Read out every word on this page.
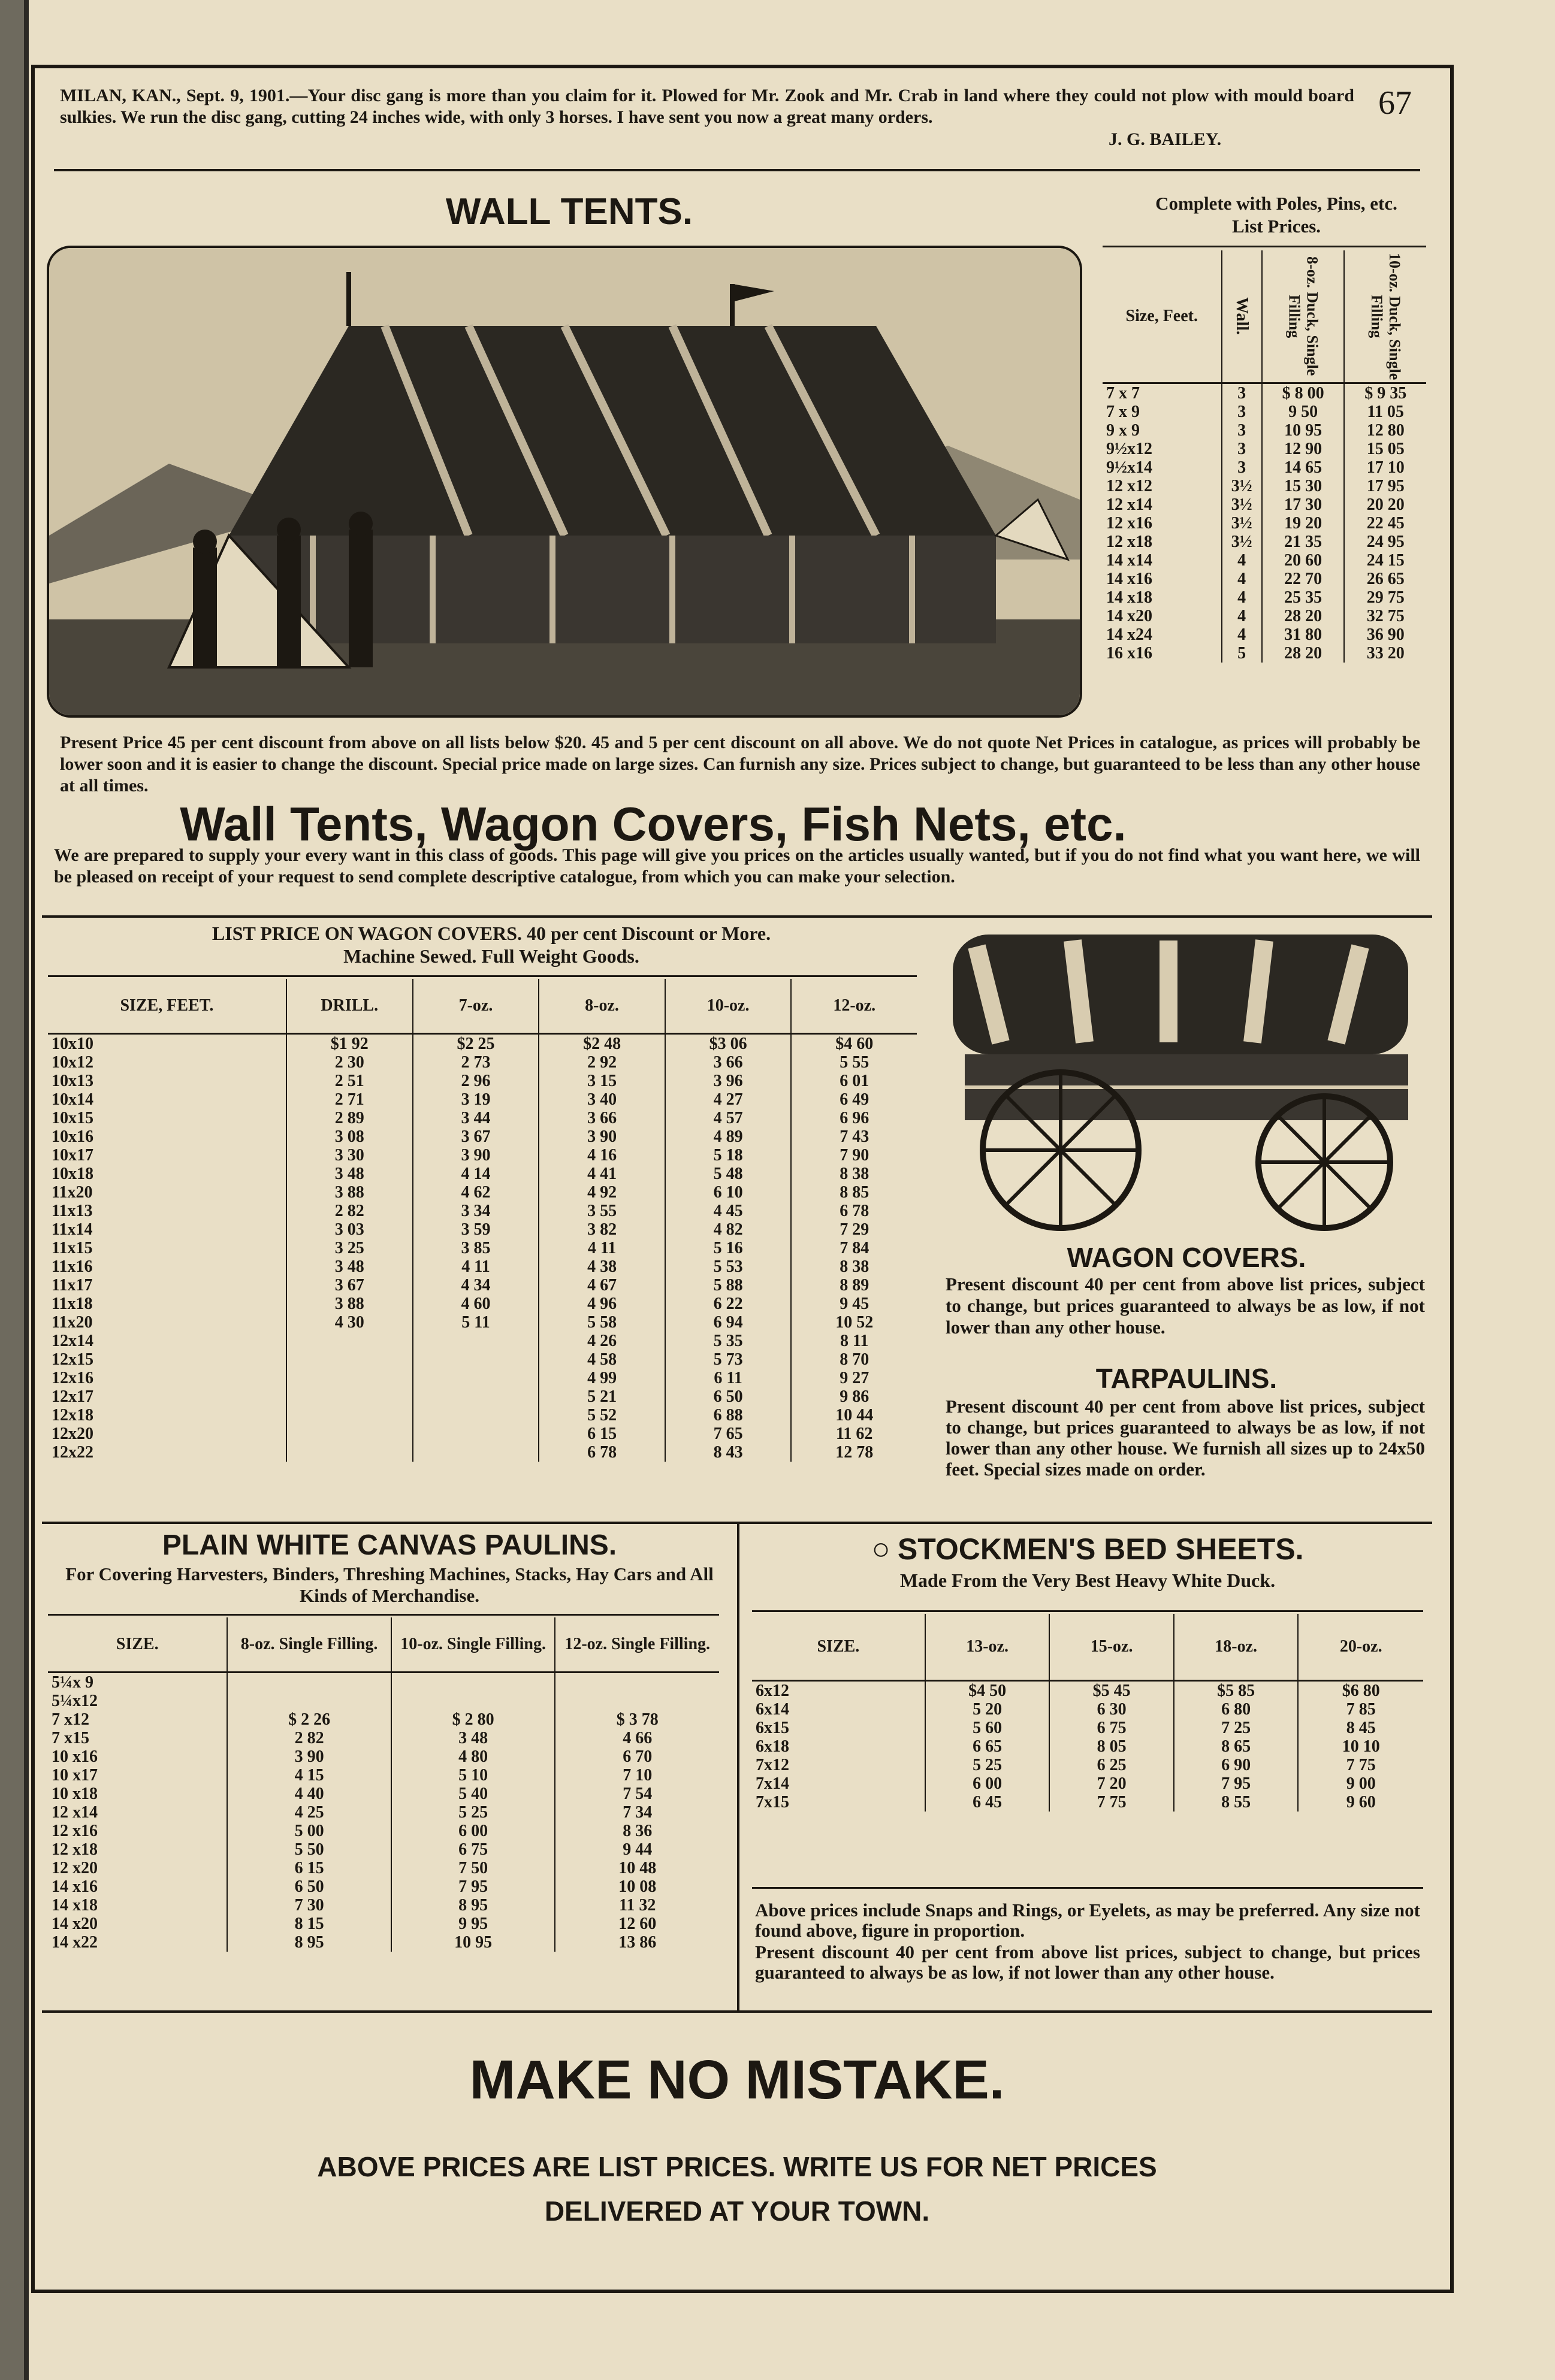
MILAN, KAN., Sept. 9, 1901.—Your disc gang is more than you claim for it. Plowed for Mr. Zook and Mr. Crab in land where they could not plow with mould board sulkies. We run the disc gang, cutting 24 inches wide, with only 3 horses. I have sent you now a great many orders.
J. G. BAILEY.
67
WALL TENTS.	Complete with Poles, Pins, etc.
List Prices.
Size, Feet.	Wall.	8-oz. Duck, Single Filling	10-oz. Duck, Single Filling

7 x 7	3	$ 8 00	$ 9 35
7 x 9	3	9 50	11 05
9 x 9	3	10 95	12 80
9½x12	3	12 90	15 05
9½x14	3	14 65	17 10
12 x12	3½	15 30	17 95
12 x14	3½	17 30	20 20
12 x16	3½	19 20	22 45
12 x18	3½	21 35	24 95
14 x14	4	20 60	24 15
14 x16	4	22 70	26 65
14 x18	4	25 35	29 75
14 x20	4	28 20	32 75
14 x24	4	31 80	36 90
16 x16	5	28 20	33 20
Present Price 45 per cent discount from above on all lists below $20. 45 and 5 per cent discount on all above. We do not quote Net Prices in catalogue, as prices will probably be lower soon and it is easier to change the discount. Special price made on large sizes. Can furnish any size. Prices subject to change, but guaranteed to be less than any other house at all times.
Wall Tents, Wagon Covers, Fish Nets, etc.
We are prepared to supply your every want in this class of goods. This page will give you prices on the articles usually wanted, but if you do not find what you want here, we will be pleased on receipt of your request to send complete descriptive catalogue, from which you can make your selection.
LIST PRICE ON WAGON COVERS. 40 per cent Discount or More.
Machine Sewed. Full Weight Goods.
SIZE, FEET.	DRILL.	7-oz.	8-oz.	10-oz.	12-oz.
10x10	$1 92	$2 25	$2 48	$3 06	$4 60
10x12	2 30	2 73	2 92	3 66	5 55
10x13	2 51	2 96	3 15	3 96	6 01
10x14	2 71	3 19	3 40	4 27	6 49
10x15	2 89	3 44	3 66	4 57	6 96
10x16	3 08	3 67	3 90	4 89	7 43
10x17	3 30	3 90	4 16	5 18	7 90
10x18	3 48	4 14	4 41	5 48	8 38
11x20	3 88	4 62	4 92	6 10	8 85
11x13	2 82	3 34	3 55	4 45	6 78
11x14	3 03	3 59	3 82	4 82	7 29
11x15	3 25	3 85	4 11	5 16	7 84
11x16	3 48	4 11	4 38	5 53	8 38
11x17	3 67	4 34	4 67	5 88	8 89
11x18	3 88	4 60	4 96	6 22	9 45
11x20	4 30	5 11	5 58	6 94	10 52
12x14			4 26	5 35	8 11
12x15			4 58	5 73	8 70
12x16			4 99	6 11	9 27
12x17			5 21	6 50	9 86
12x18			5 52	6 88	10 44
12x20			6 15	7 65	11 62
12x22			6 78	8 43	12 78
WAGON COVERS.
Present discount 40 per cent from above list prices, subject to change, but prices guaranteed to always be as low, if not lower than any other house.
TARPAULINS.
Present discount 40 per cent from above list prices, subject to change, but prices guaranteed to always be as low, if not lower than any other house. We furnish all sizes up to 24x50 feet. Special sizes made on order.
PLAIN WHITE CANVAS PAULINS.
For Covering Harvesters, Binders, Threshing Machines, Stacks, Hay Cars and All Kinds of Merchandise.
SIZE.	8-oz. Single Filling.	10-oz. Single Filling.	12-oz. Single Filling.
5¼x 9			
5¼x12			
7 x12	$ 2 26	$ 2 80	$ 3 78
7 x15	2 82	3 48	4 66
10 x16	3 90	4 80	6 70
10 x17	4 15	5 10	7 10
10 x18	4 40	5 40	7 54
12 x14	4 25	5 25	7 34
12 x16	5 00	6 00	8 36
12 x18	5 50	6 75	9 44
12 x20	6 15	7 50	10 48
14 x16	6 50	7 95	10 08
14 x18	7 30	8 95	11 32
14 x20	8 15	9 95	12 60
14 x22	8 95	10 95	13 86
○ STOCKMEN'S BED SHEETS.
Made From the Very Best Heavy White Duck.
SIZE.	13-oz.	15-oz.	18-oz.	20-oz.
6x12	$4 50	$5 45	$5 85	$6 80
6x14	5 20	6 30	6 80	7 85
6x15	5 60	6 75	7 25	8 45
6x18	6 65	8 05	8 65	10 10
7x12	5 25	6 25	6 90	7 75
7x14	6 00	7 20	7 95	9 00
7x15	6 45	7 75	8 55	9 60
Above prices include Snaps and Rings, or Eyelets, as may be preferred. Any size not found above, figure in proportion.
Present discount 40 per cent from above list prices, subject to change, but prices guaranteed to always be as low, if not lower than any other house.
MAKE NO MISTAKE.
ABOVE PRICES ARE LIST PRICES. WRITE US FOR NET PRICES
DELIVERED AT YOUR TOWN.
